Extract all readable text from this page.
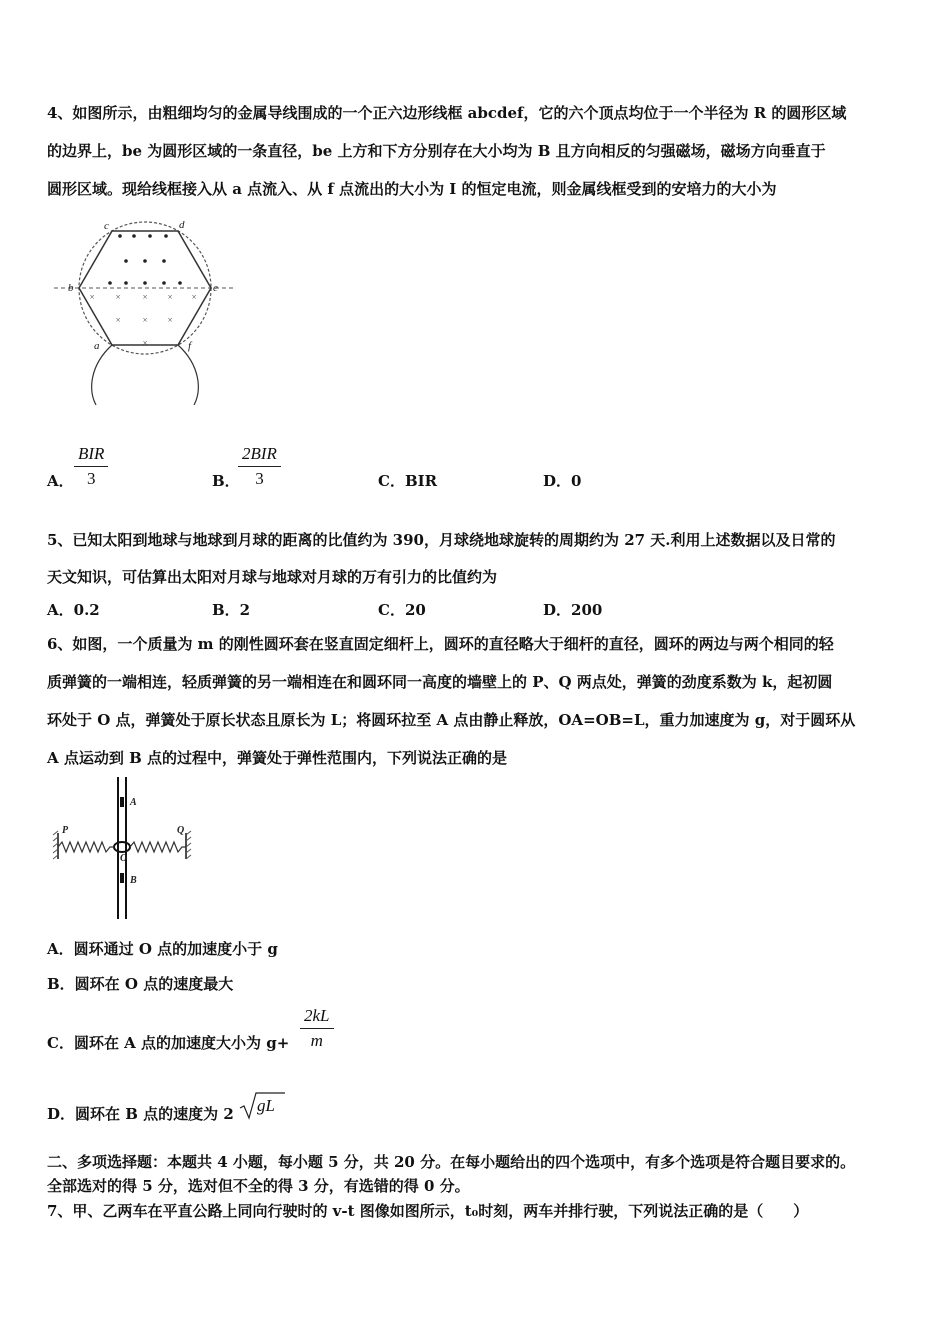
4、如图所示，由粗细均匀的金属导线围成的一个正六边形线框 abcdef，它的六个顶点均位于一个半径为 R 的圆形区域
的边界上，be 为圆形区域的一条直径，be 上方和下方分别存在大小均为 B 且方向相反的匀强磁场，磁场方向垂直于
圆形区域。现给线框接入从 a 点流入、从 f 点流出的大小为 I 的恒定电流，则金属线框受到的安培力的大小为
× × × × ×
× × ×
×
c	d
b	e
a	f
A．
BIR
3	B．
2BIR
3	C．BIR	D．0
5、已知太阳到地球与地球到月球的距离的比值约为 390，月球绕地球旋转的周期约为 27 天.利用上述数据以及日常的
天文知识，可估算出太阳对月球与地球对月球的万有引力的比值约为
A．0.2	B．2	C．20	D．200
6、如图，一个质量为 m 的刚性圆环套在竖直固定细杆上，圆环的直径略大于细杆的直径，圆环的两边与两个相同的轻
质弹簧的一端相连，轻质弹簧的另一端相连在和圆环同一高度的墙壁上的 P、Q 两点处，弹簧的劲度系数为 k，起初圆
环处于 O 点，弹簧处于原长状态且原长为 L；将圆环拉至 A 点由静止释放，OA=OB=L，重力加速度为 g，对于圆环从
A 点运动到 B 点的过程中，弹簧处于弹性范围内，下列说法正确的是
A
B
O
P	Q
A．圆环通过 O 点的加速度小于 g
B．圆环在 O 点的速度最大
C．圆环在 A 点的加速度大小为 $g+ \frac{2kL}{m}$
D．圆环在 B 点的速度为 2 gL
二、多项选择题：本题共 4 小题，每小题 5 分，共 20 分。在每小题给出的四个选项中，有多个选项是符合题目要求的。
全部选对的得 5 分，选对但不全的得 3 分，有选错的得 0 分。
7、甲、乙两车在平直公路上同向行驶时的 v-t 图像如图所示，t₀时刻，两车并排行驶，下列说法正确的是（　　）
